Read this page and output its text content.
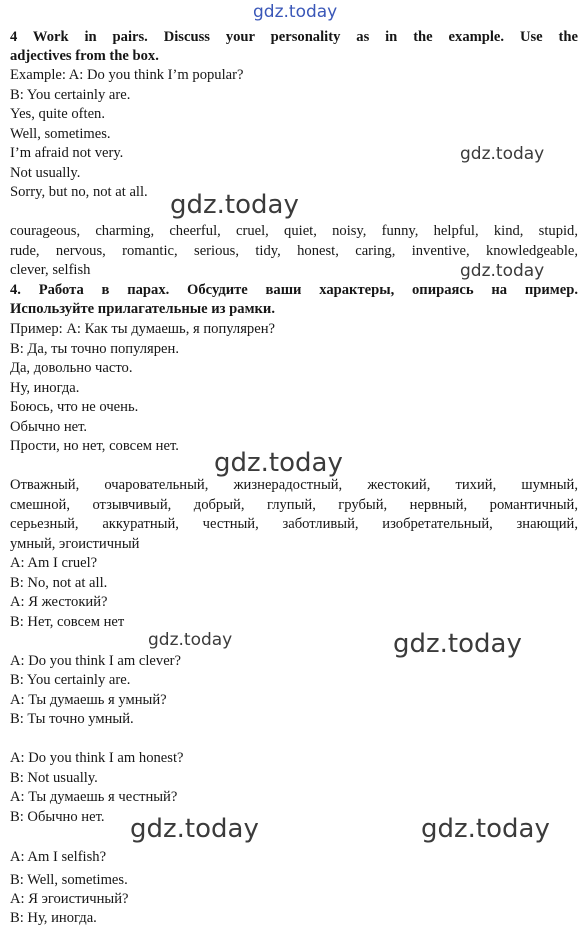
gdz.today
gdz.today
gdz.today
gdz.today
gdz.today
gdz.today	gdz.today
gdz.today	gdz.today
4 Work in pairs. Discuss your personality as in the example. Use the
adjectives from the box.
Example: A: Do you think I’m popular?
B: You certainly are.
Yes, quite often.
Well, sometimes.
I’m afraid not very.
Not usually.
Sorry, but no, not at all.
courageous, charming, cheerful, cruel, quiet, noisy, funny, helpful, kind, stupid,
rude, nervous, romantic, serious, tidy, honest, caring, inventive, knowledgeable,
clever, selfish
4. Работа в парах. Обсудите ваши характеры, опираясь на пример.
Используйте прилагательные из рамки.
Пример: А: Как ты думаешь, я популярен?
В: Да, ты точно популярен.
Да, довольно часто.
Ну, иногда.
Боюсь, что не очень.
Обычно нет.
Прости, но нет, совсем нет.
Отважный, очаровательный, жизнерадостный, жестокий, тихий, шумный,
смешной, отзывчивый, добрый, глупый, грубый, нервный, романтичный,
серьезный, аккуратный, честный, заботливый, изобретательный, знающий,
умный, эгоистичный
A: Am I cruel?
B: No, not at all.
A: Я жестокий?
B: Нет, совсем нет
A: Do you think I am clever?
B: You certainly are.
A: Ты думаешь я умный?
B: Ты точно умный.
A: Do you think I am honest?
B: Not usually.
A: Ты думаешь я честный?
B: Обычно нет.
A: Am I selfish?
B: Well, sometimes.
A: Я эгоистичный?
B: Ну, иногда.
